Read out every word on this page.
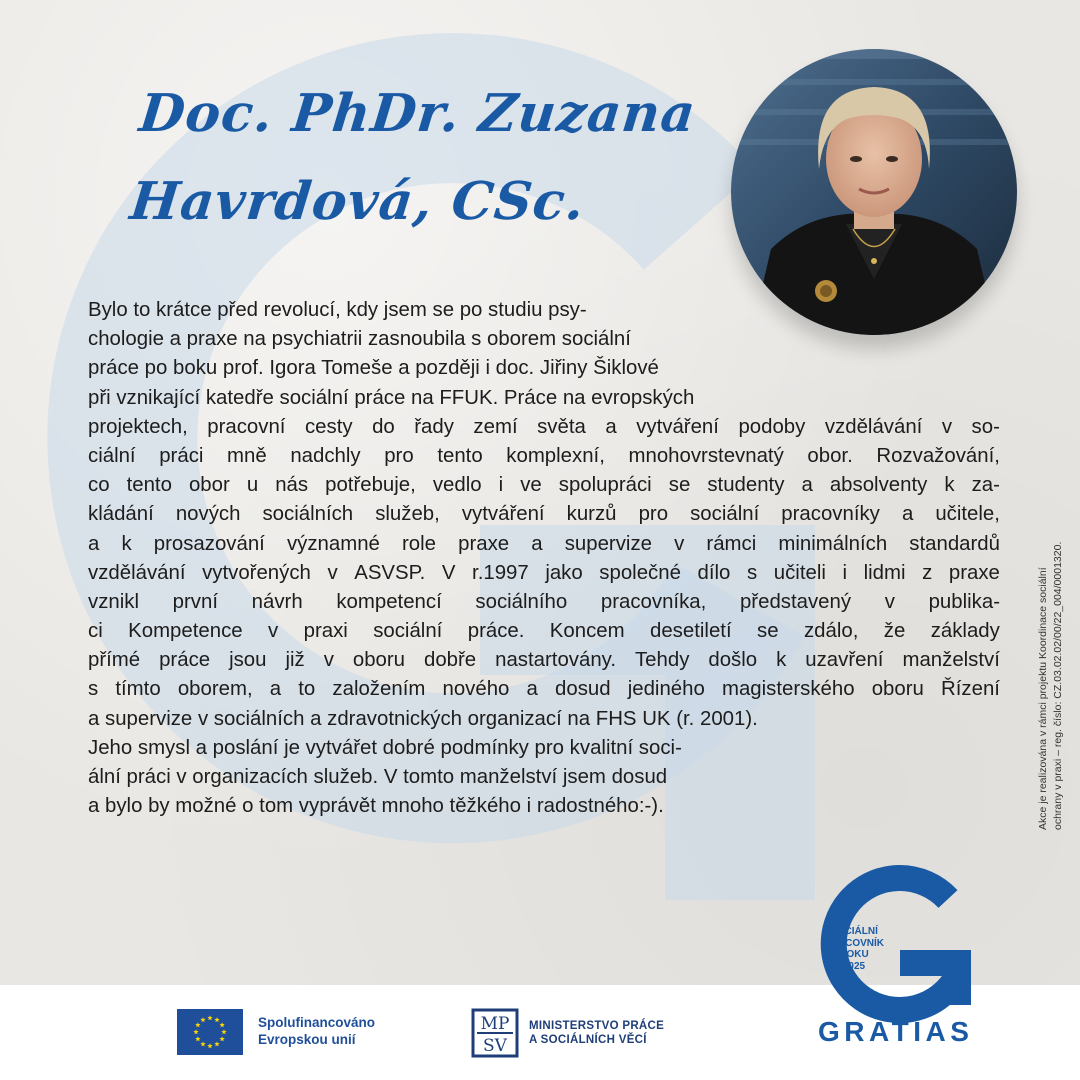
Doc. PhDr. Zuzana
Havrdová, CSc.
Bylo to krátce před revolucí, kdy jsem se po studiu psy-
chologie a praxe na psychiatrii zasnoubila s oborem sociální
práce po boku prof. Igora Tomeše a později i doc. Jiřiny Šiklové
při vznikající katedře sociální práce na FFUK. Práce na evropských
projektech, pracovní cesty do řady zemí světa a vytváření podoby vzdělávání v so-
ciální práci mně nadchly pro tento komplexní, mnohovrstevnatý obor. Rozvažování,
co tento obor u nás potřebuje, vedlo i ve spolupráci se studenty a absolventy k za-
kládání nových sociálních služeb, vytváření kurzů pro sociální pracovníky a učitele,
a k prosazování významné role praxe a supervize v rámci minimálních standardů
vzdělávání vytvořených v ASVSP. V r.1997 jako společné dílo s učiteli i lidmi z praxe
vznikl první návrh kompetencí sociálního pracovníka, představený v publika-
ci Kompetence v praxi sociální práce. Koncem desetiletí se zdálo, že základy
přímé práce jsou již v oboru dobře nastartovány. Tehdy došlo k uzavření manželství
s tímto oborem, a to založením nového a dosud jediného magisterského oboru Řízení
a supervize v sociálních a zdravotnických organizací na FHS UK (r. 2001).
Jeho smysl a poslání je vytvářet dobré podmínky pro kvalitní soci-
ální práci v organizacích služeb. V tomto manželství jsem dosud
a bylo by možné o tom vyprávět mnoho těžkého i radostného:-).	Akce je realizována v rámci projektu Koordinace sociální ochrany v praxi – reg. číslo: CZ.03.02.02/00/22_004/0001320.
Spolufinancováno
Evropskou unií
MP
SV
MINISTERSTVO PRÁCE
A SOCIÁLNÍCH VĚCÍ
SOCIÁLNÍ
PRACOVNÍK
ROKU
2025
GRATIAS
